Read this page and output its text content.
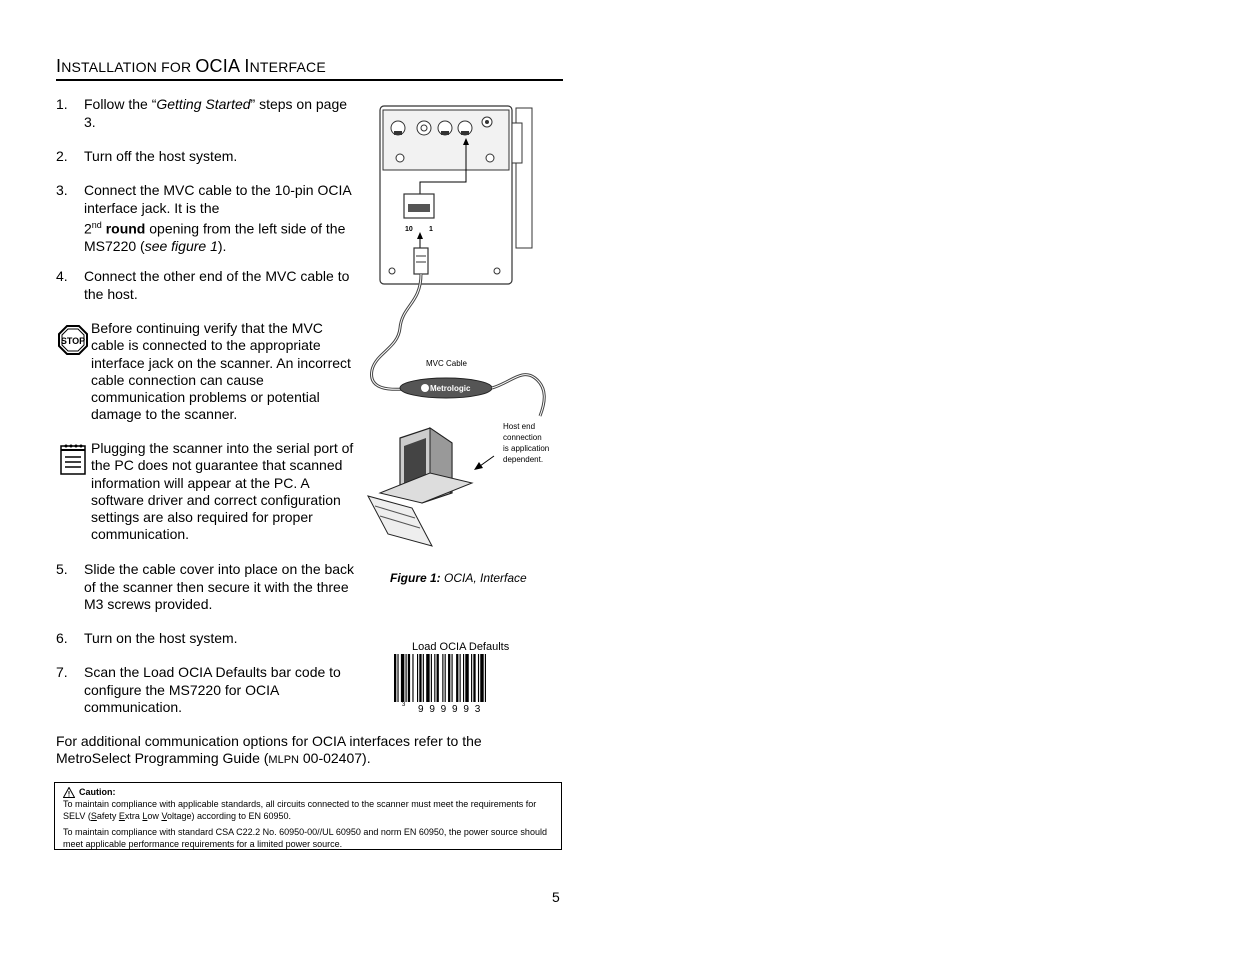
INSTALLATION FOR OCIA INTERFACE
1.	Follow the “Getting Started” steps on page 3.
2.	Turn off the host system.
3.	Connect the MVC cable to the 10-pin OCIA interface jack. It is the
2nd round opening from the left side of the MS7220 (see figure 1).
4.	Connect the other end of the MVC cable to the host.
STOP
Before continuing verify that the MVC cable is connected to the appropriate interface jack on the scanner. An incorrect cable connection can cause communication problems or potential damage to the scanner.
Plugging the scanner into the serial port of the PC does not guarantee that scanned information will appear at the PC. A software driver and correct configuration settings are also required for proper communication.
5.	Slide the cable cover into place on the back of the scanner then secure it with the three M3 screws provided.
6.	Turn on the host system.
7.	Scan the Load OCIA Defaults bar code to configure the MS7220 for OCIA communication.
10 1
MVC Cable
Metrologic
Host end
connection
is application
dependent.
Figure 1: OCIA, Interface
Load OCIA Defaults
3 9 9 9 9 9 3
For additional communication options for OCIA interfaces refer to the MetroSelect Programming Guide (MLPN 00-02407).
Caution:

To maintain compliance with applicable standards, all circuits connected to the scanner must meet the requirements for SELV (Safety Extra Low Voltage) according to EN 60950.

To maintain compliance with standard CSA C22.2 No. 60950-00//UL 60950 and norm EN 60950, the power source should meet applicable performance requirements for a limited power source.

5
